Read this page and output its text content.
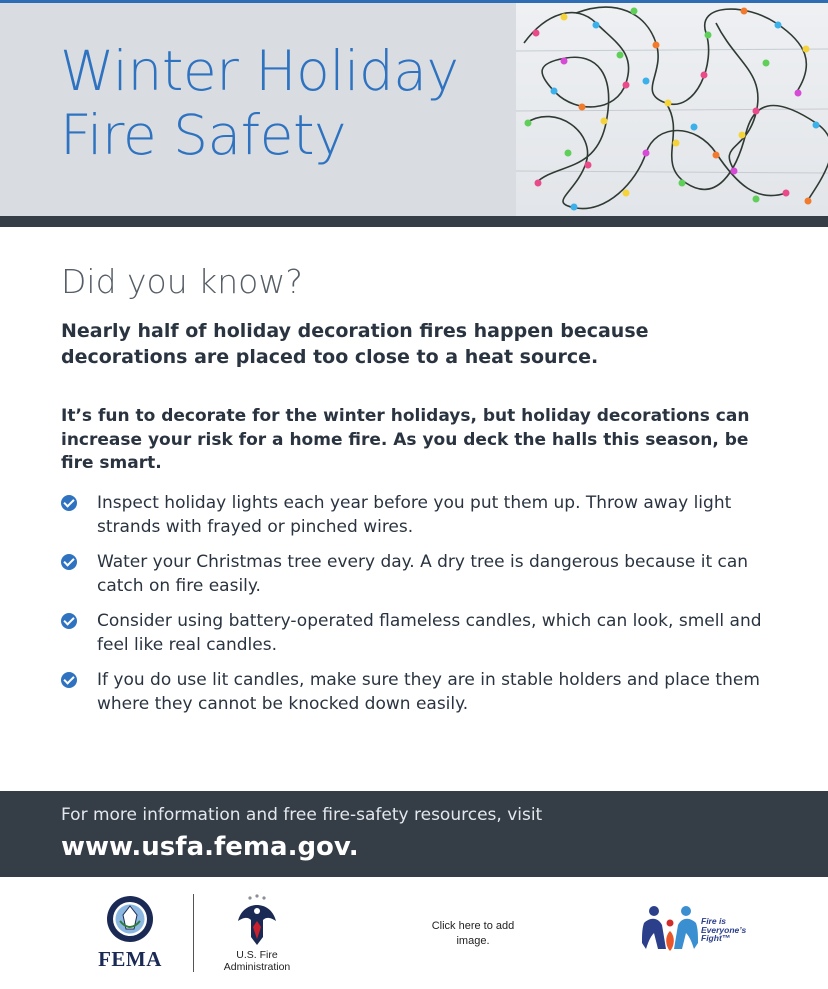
Winter Holiday
Fire Safety
Did you know?

Nearly half of holiday decoration fires happen because decorations are placed too close to a heat source.

It’s fun to decorate for the winter holidays, but holiday decorations can increase your risk for a home fire. As you deck the halls this season, be fire smart.

Inspect holiday lights each year before you put them up. Throw away light strands with frayed or pinched wires.
Water your Christmas tree every day. A dry tree is dangerous because it can catch on fire easily.
Consider using battery-operated flameless candles, which can look, smell and feel like real candles.
If you do use lit candles, make sure they are in stable holders and place them where they cannot be knocked down easily.

For more information and free fire-safety resources, visit

www.usfa.fema.gov.
FEMA	U.S. Fire Administration
Click here to add image.
Fire is Everyone’s Fight™
